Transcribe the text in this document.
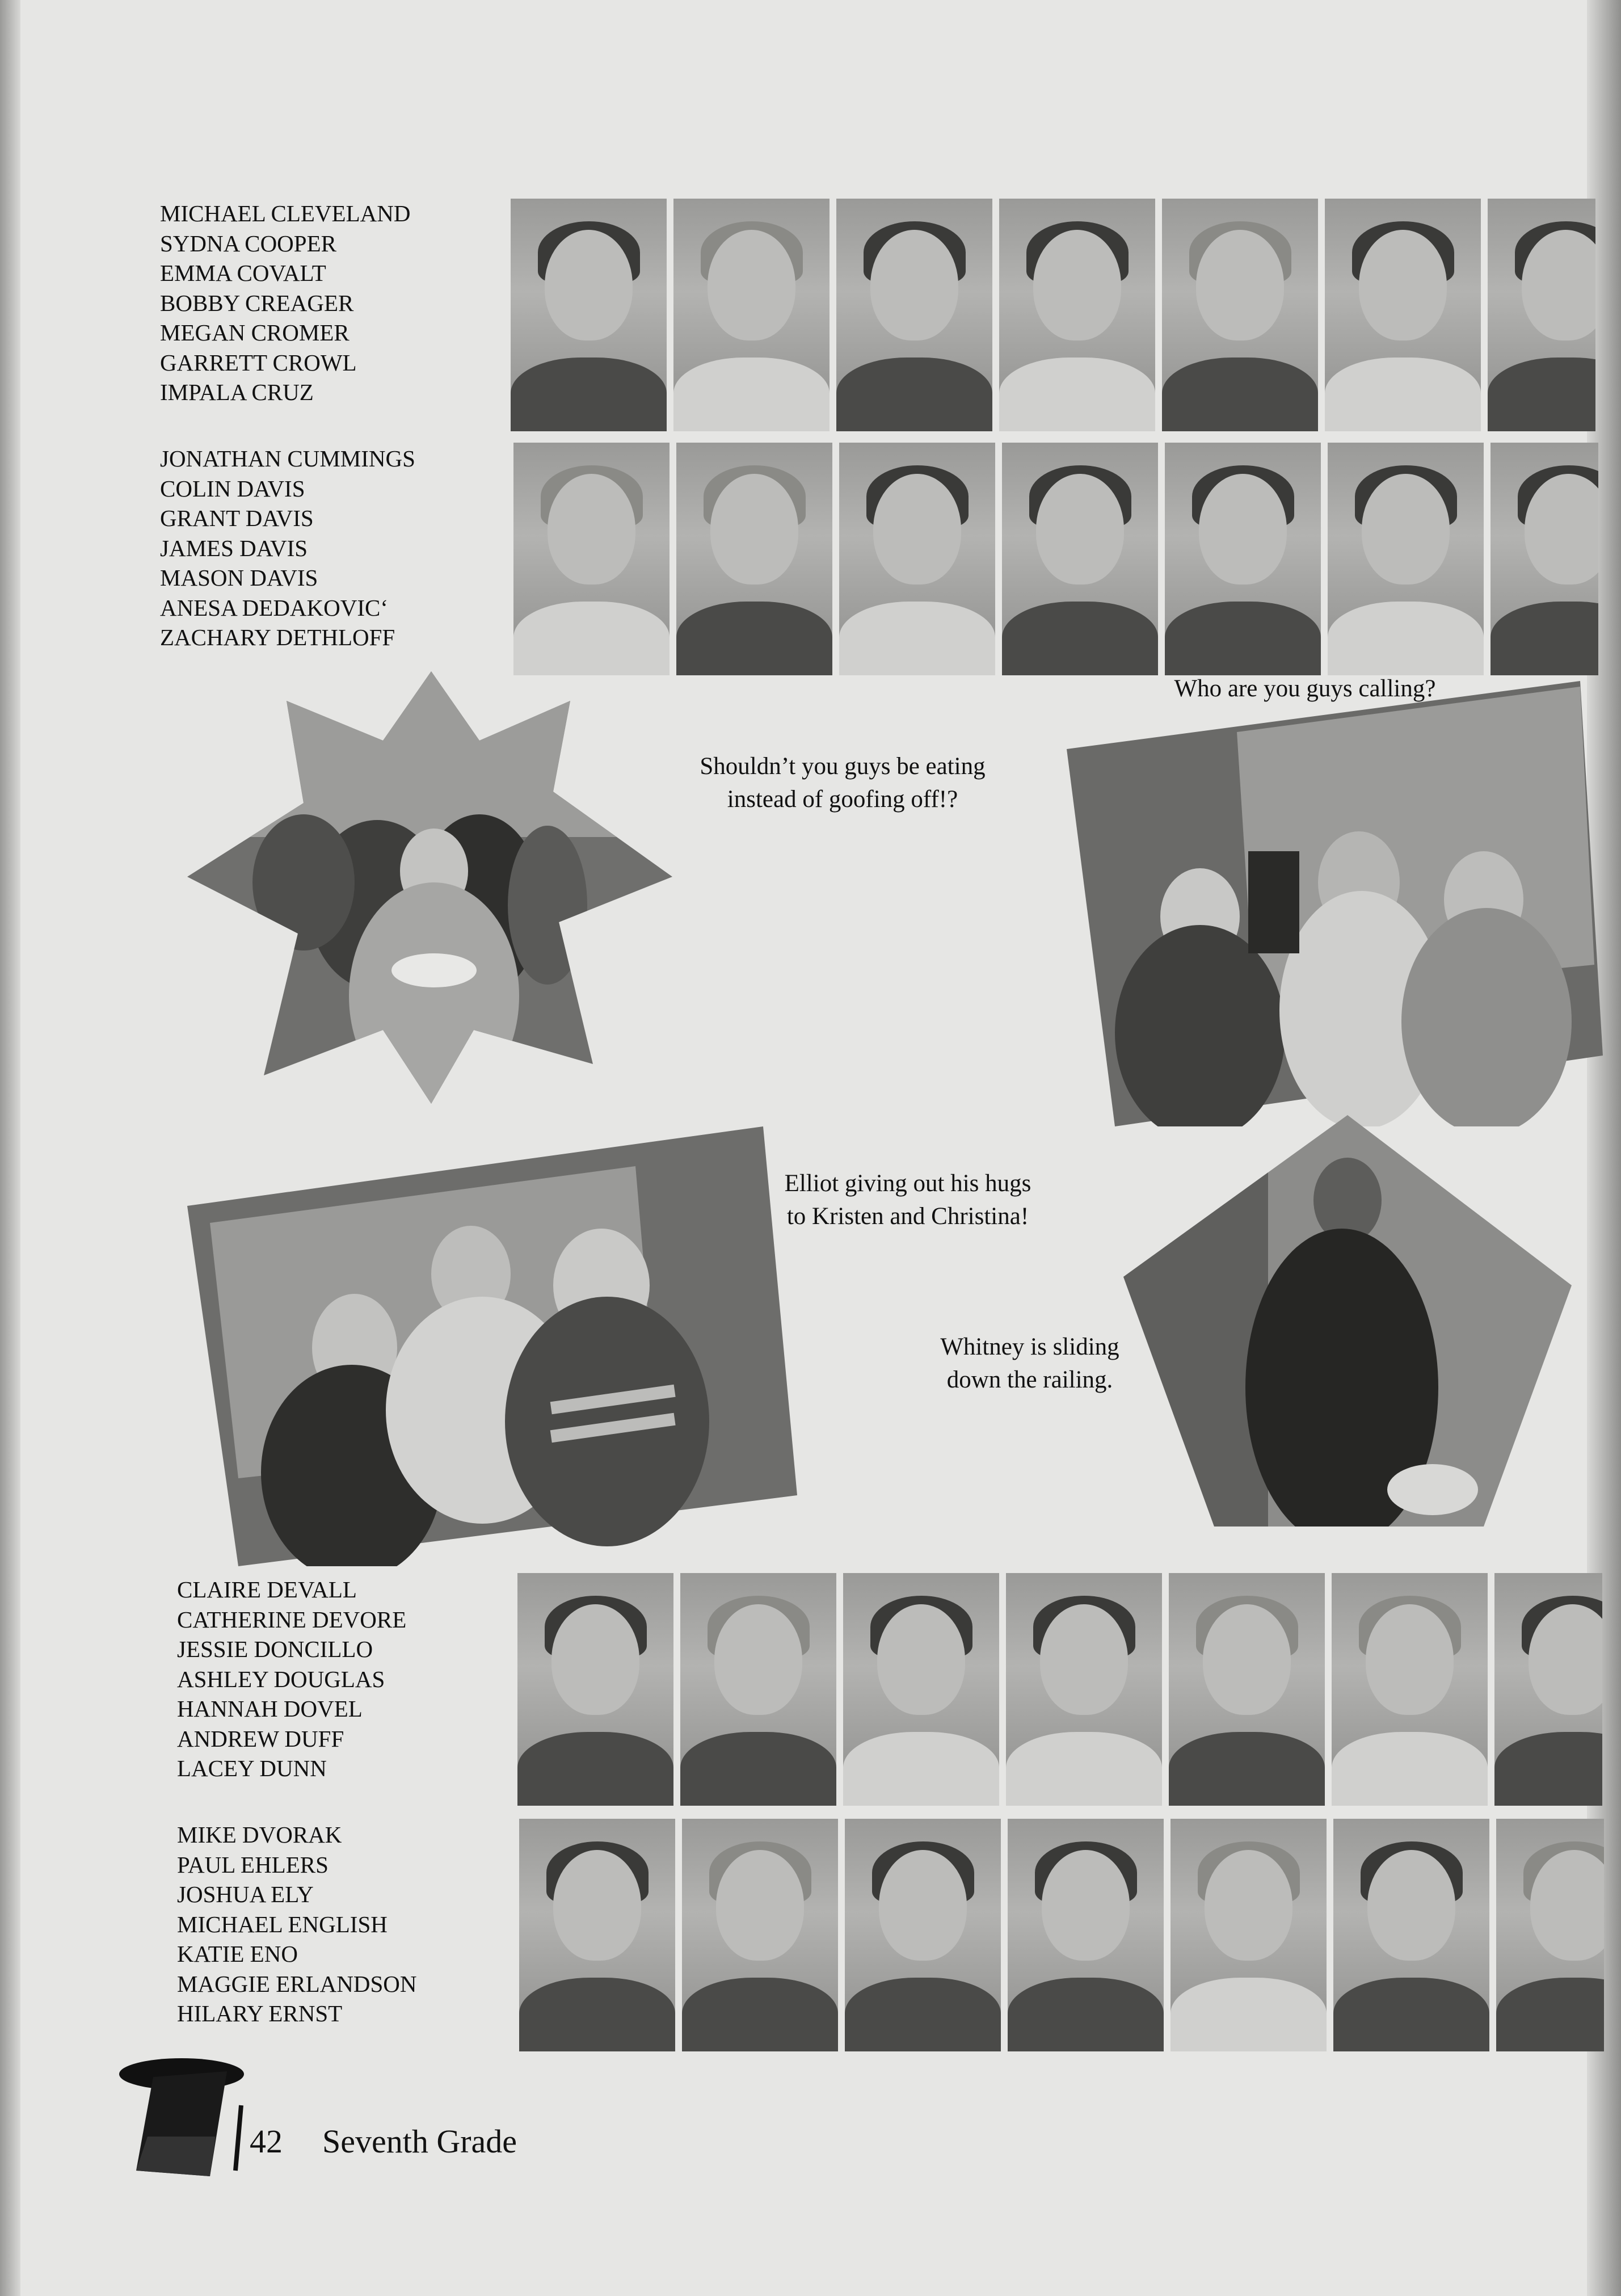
MICHAEL CLEVELAND
SYDNA COOPER
EMMA COVALT
BOBBY CREAGER
MEGAN CROMER
GARRETT CROWL
IMPALA CRUZ
JONATHAN CUMMINGS
COLIN DAVIS
GRANT DAVIS
JAMES DAVIS
MASON DAVIS
ANESA DEDAKOVIC‘
ZACHARY DETHLOFF
CLAIRE DEVALL
CATHERINE DEVORE
JESSIE DONCILLO
ASHLEY DOUGLAS
HANNAH DOVEL
ANDREW DUFF
LACEY DUNN
MIKE DVORAK
PAUL EHLERS
JOSHUA ELY
MICHAEL ENGLISH
KATIE ENO
MAGGIE ERLANDSON
HILARY ERNST
Who are you guys calling?
Shouldn’t you guys be eating instead of goofing off!?
Elliot giving out his hugs to Kristen and Christina!
Whitney is sliding down the railing.
42 Seventh Grade
